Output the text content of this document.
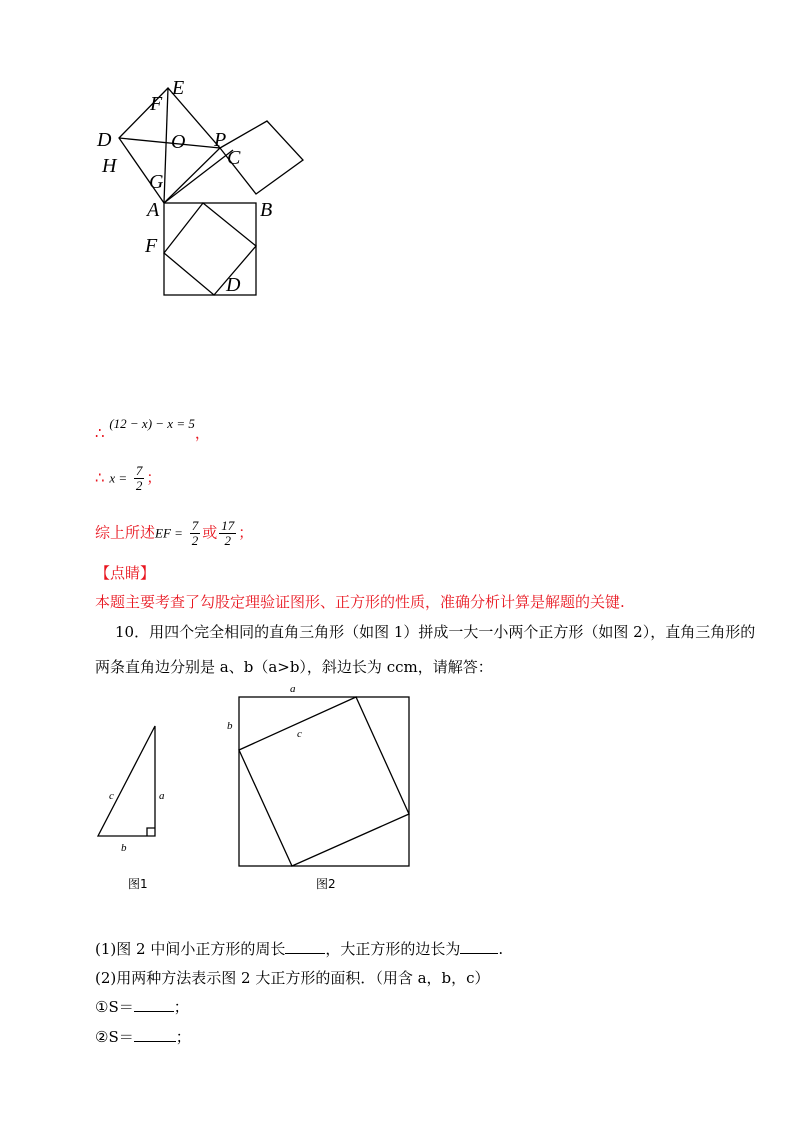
E
F
D	O P
H	C
G
A	B
F
D
∴ (12 − x) − x = 5，
∴ $x = \frac{7}{2}$ ；
综上所述EF = $\frac{7}{2}$ 或 $\frac{17}{2}$ ；
【点睛】
本题主要考查了勾股定理验证图形、正方形的性质，准确分析计算是解题的关键.
10．用四个完全相同的直角三角形（如图 1）拼成一大一小两个正方形（如图 2），直角三角形的
两条直角边分别是 a、b（a>b），斜边长为 ccm，请解答：
c	a
b
图1
a
b
c
图2
(1)图 2 中间小正方形的周长	，大正方形的边长为	.
(2)用两种方法表示图 2 大正方形的面积．（用含 a，b，c）
①S＝	；
②S＝	；
